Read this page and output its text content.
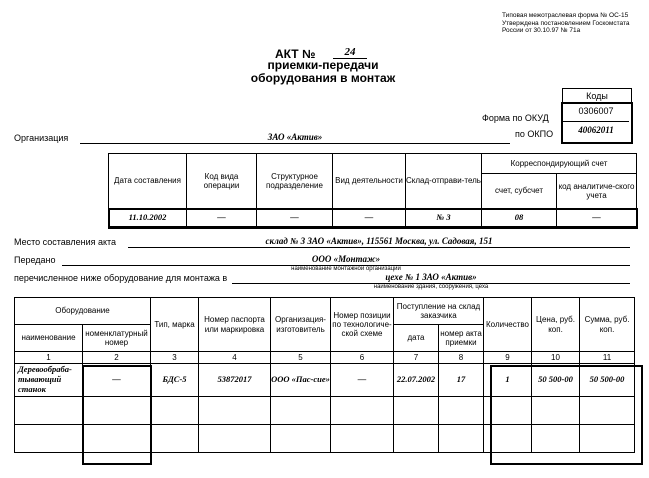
Типовая межотраслевая форма № ОС-15
Утверждена постановлением Госкомстата
России от 30.10.97 № 71а
АКТ №	24
приемки-передачи
оборудования в монтаж
Коды
0306007
40062011
Форма по ОКУД
по ОКПО
Организация	ЗАО «Актив»
Дата составления	Код вида операции	Структурное подразделение	Вид деятельности	Склад-отправи-тель	Корреспондирующий счет	
					счет, субсчет	код аналитиче-ского учета
11.10.2002	—	—	—	№ 3	08	—
Место составления акта	склад № 3 ЗАО «Актив», 115561 Москва, ул. Садовая, 151
Передано	ООО «Монтаж»
наименование монтажной организации
перечисленное ниже оборудование для монтажа в	цехе № 1 ЗАО «Актив»
наименование здания, сооружения, цеха
Оборудование		Тип, марка	Номер паспорта или маркировка	Организация-изготовитель	Номер позиции по технологиче-ской схеме	Поступление на склад заказчика		Количество	Цена, руб. коп.	Сумма, руб. коп.
наименование	номенклатурный номер					дата	номер акта приемки			
1	2	3	4	5	6	7	8	9	10	11
Деревообраба-тывающий станок	—	БДС-5	53872017	ООО «Пас-сие»	—	22.07.2002	17	1	50 500-00	50 500-00
